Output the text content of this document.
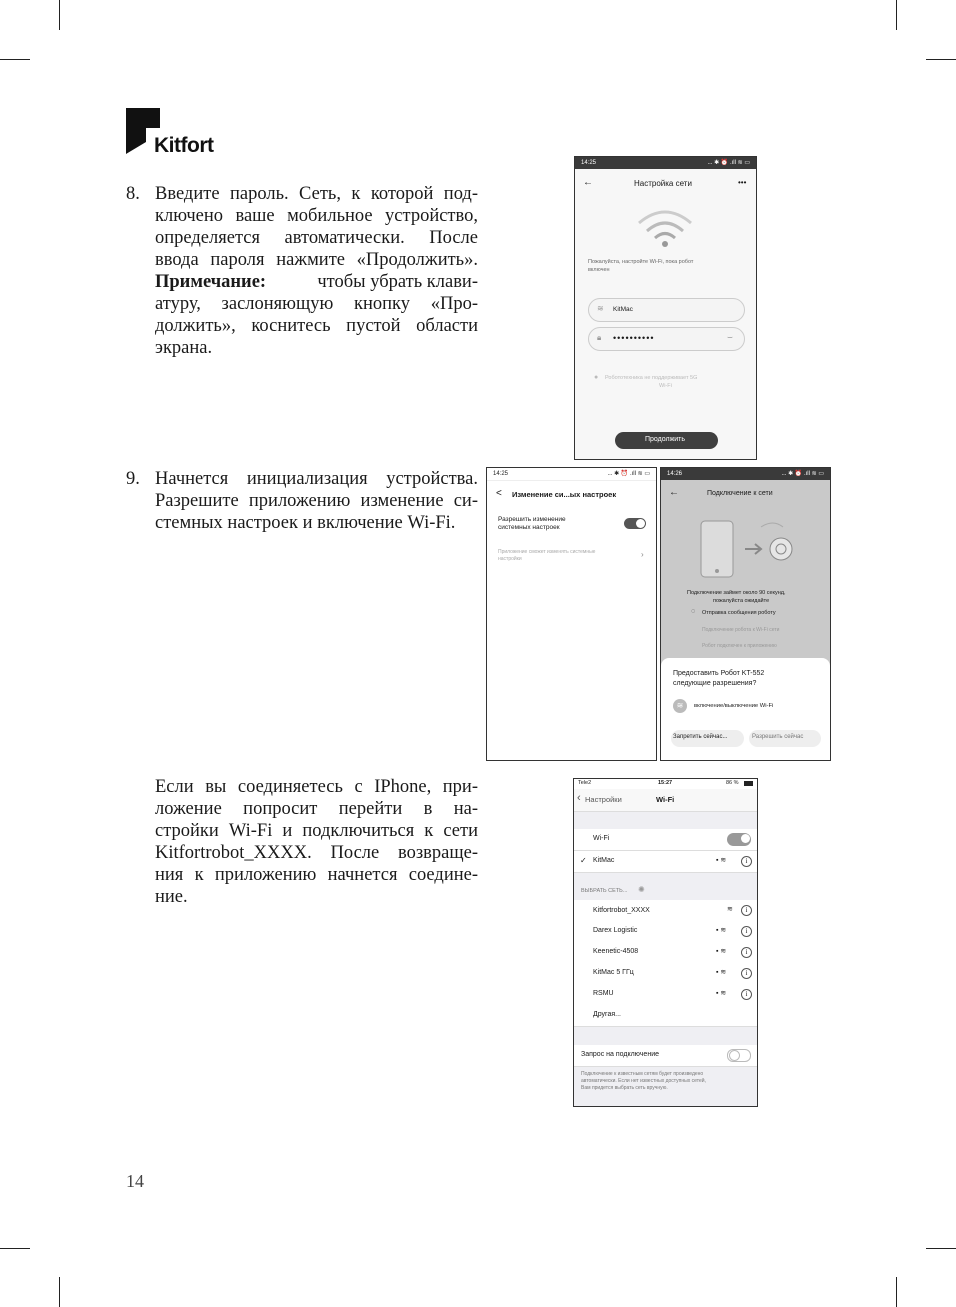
Kitfort
8. Введите пароль. Сеть, к которой под-
ключено ваше мобильное устройство,
определяется автоматически. После
ввода пароля нажмите «Продолжить».
Примечание:	чтобы убрать клави-
атуру, заслоняющую кнопку «Про-
должить», коснитесь пустой области
экрана.
14:25	... ✱ ⏰ .ıll ≋ ▭
←	Настройка сети	•••
Пожалуйста, настройте Wi-Fi, пока робот
включен
≋ KitMac
🔒︎ ••••••••••	⌣
● Робототехника не поддерживает 5G
Wi-Fi
Продолжить
9. Начнется инициализация устройства.
Разрешите приложению изменение си-
стемных настроек и включение Wi-Fi.
14:25	... ✱ ⏰ .ıll ≋ ▭
< Изменение си...ых настроек
Разрешить изменение
системных настроек
Приложение сможет изменять системные
настройки	›
14:26	... ✱ ⏰ .ıll ≋ ▭
←	Подключение к сети
Подключение займет около 90 секунд,
пожалуйста ожидайте
◌ Отправка сообщения роботу
Подключение робота к Wi-Fi сети
Робот подключен к приложению
Предоставить Робот KT-552
следующие разрешения?
≋	включение/выключение Wi-Fi
Запретить сейчас...	Разрешить сейчас
Если вы соединяетесь с IPhone, при-
ложение попросит перейти в на-
стройки Wi-Fi и подключиться к сети
Kitfortrobot_XXXX. После возвраще-
ния к приложению начнется соедине-
ние.
Tele2	15:27	86 %
‹ Настройки	Wi-Fi
Wi-Fi
✓ KitMac	▪ ≋	i
ВЫБРАТЬ СЕТЬ... ✺
Kitfortrobot_XXXX	≋	i
Darex Logistic	▪ ≋	i
Keenetic-4508	▪ ≋	i
KitMac 5 ГГц	▪ ≋	i
RSMU	▪ ≋	i
Другая...
Запрос на подключение
Подключение к известным сетям будет произведено
автоматически. Если нет известных доступных сетей,
Вам придется выбрать сеть вручную.
14
